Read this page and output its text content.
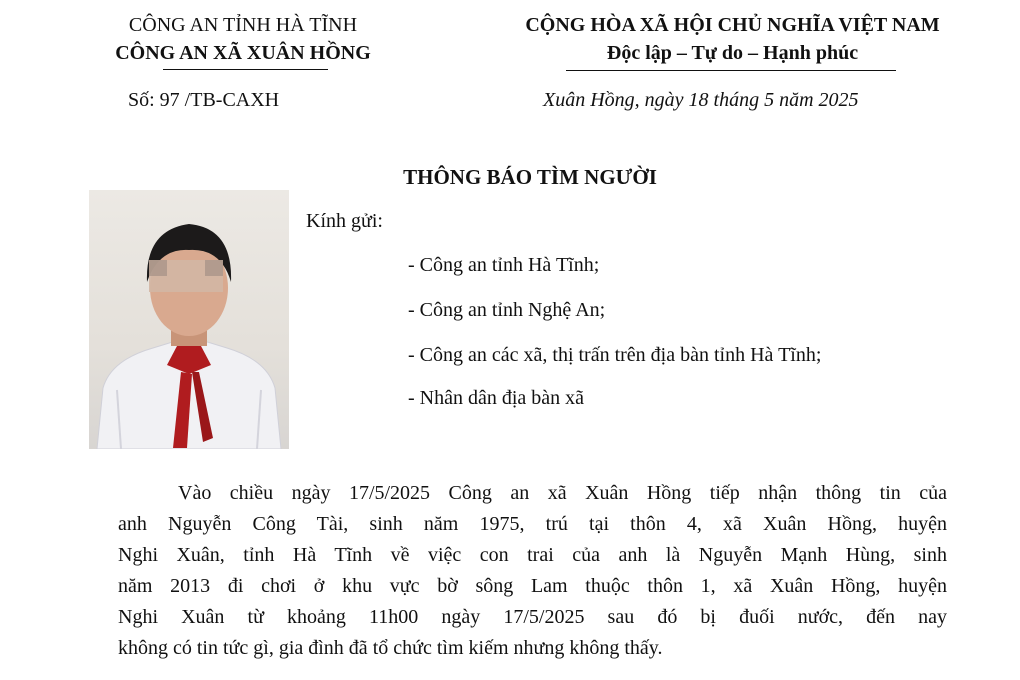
CÔNG AN TỈNH HÀ TĨNH
CÔNG AN XÃ XUÂN HỒNG
Số: 97 /TB-CAXH
CỘNG HÒA XÃ HỘI CHỦ NGHĨA VIỆT NAM
Độc lập – Tự do – Hạnh phúc
Xuân Hồng, ngày 18 tháng 5 năm 2025
THÔNG BÁO TÌM NGƯỜI
Kính gửi:
- Công an tỉnh Hà Tĩnh;
- Công an tỉnh Nghệ An;
- Công an các xã, thị trấn trên địa bàn tỉnh Hà Tĩnh;
- Nhân dân địa bàn xã

Vào chiều ngày 17/5/2025 Công an xã Xuân Hồng tiếp nhận thông tin của

anh Nguyễn Công Tài, sinh năm 1975, trú tại thôn 4, xã Xuân Hồng, huyện

Nghi Xuân, tỉnh Hà Tĩnh về việc con trai của anh là Nguyễn Mạnh Hùng, sinh

năm 2013 đi chơi ở khu vực bờ sông Lam thuộc thôn 1, xã Xuân Hồng, huyện

Nghi Xuân từ khoảng 11h00 ngày 17/5/2025 sau đó bị đuối nước, đến nay

không có tin tức gì, gia đình đã tổ chức tìm kiếm nhưng không thấy.
